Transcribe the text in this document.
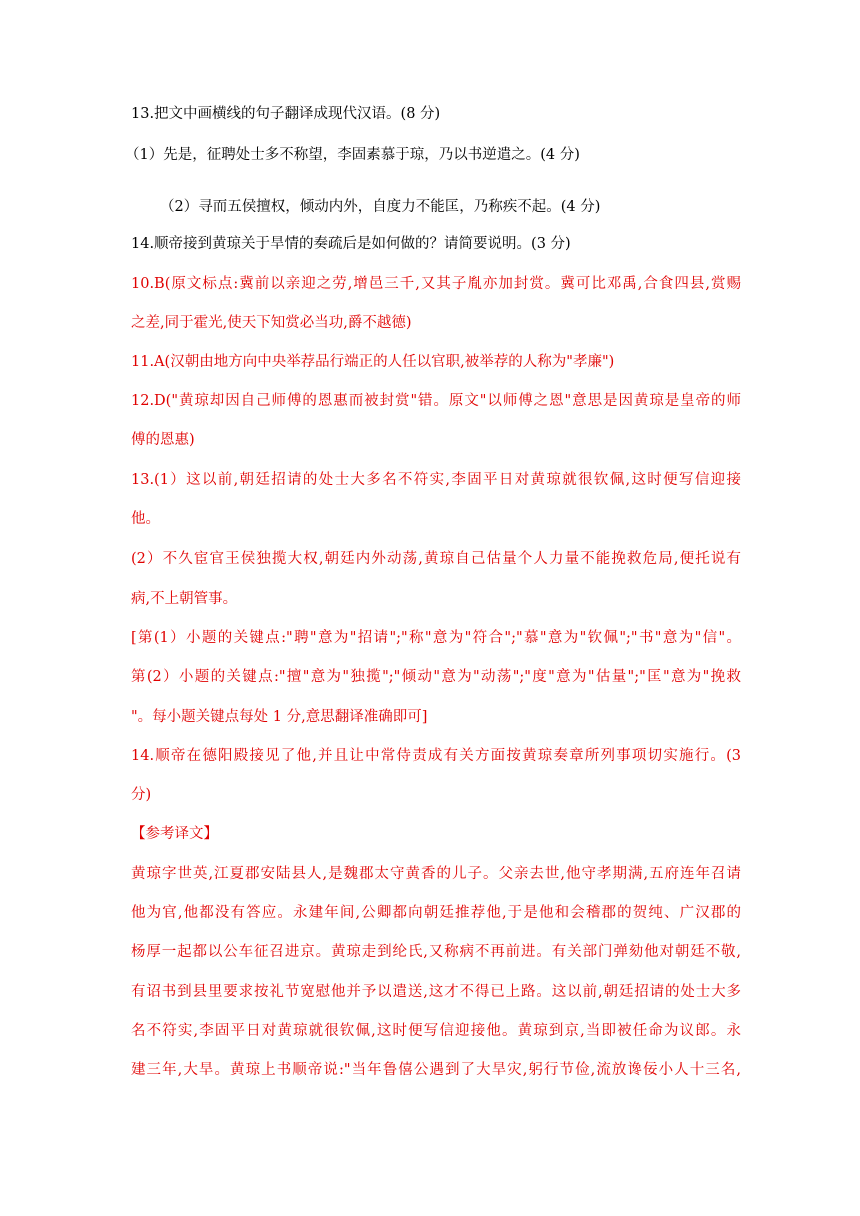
13.把文中画横线的句子翻译成现代汉语。(8 分)
（1）先是，征聘处士多不称望，李固素慕于琼，乃以书逆遣之。(4 分)
（2）寻而五侯擅权，倾动内外，自度力不能匡，乃称疾不起。(4 分)
14.顺帝接到黄琼关于旱情的奏疏后是如何做的？请简要说明。(3 分)
10.B(原文标点:冀前以亲迎之劳,增邑三千,又其子胤亦加封赏。冀可比邓禹,合食四县,赏赐
之差,同于霍光,使天下知赏必当功,爵不越德)
11.A(汉朝由地方向中央举荐品行端正的人任以官职,被举荐的人称为"孝廉")
12.D("黄琼却因自己师傅的恩惠而被封赏"错。原文"以师傅之恩"意思是因黄琼是皇帝的师
傅的恩惠)
13.(1）这以前,朝廷招请的处士大多名不符实,李固平日对黄琼就很钦佩,这时便写信迎接
他。
(2）不久宦官王侯独揽大权,朝廷内外动荡,黄琼自己估量个人力量不能挽救危局,便托说有
病,不上朝管事。
[第(1）小题的关键点:"聘"意为"招请";"称"意为"符合";"慕"意为"钦佩";"书"意为"信"。
第(2）小题的关键点:"擅"意为"独揽";"倾动"意为"动荡";"度"意为"估量";"匡"意为"挽救
"。每小题关键点每处 1 分,意思翻译准确即可]
14.顺帝在德阳殿接见了他,并且让中常侍责成有关方面按黄琼奏章所列事项切实施行。(3
分)
【参考译文】
黄琼字世英,江夏郡安陆县人,是魏郡太守黄香的儿子。父亲去世,他守孝期满,五府连年召请
他为官,他都没有答应。永建年间,公卿都向朝廷推荐他,于是他和会稽郡的贺纯、广汉郡的
杨厚一起都以公车征召进京。黄琼走到纶氏,又称病不再前进。有关部门弹劾他对朝廷不敬,
有诏书到县里要求按礼节宽慰他并予以遣送,这才不得已上路。这以前,朝廷招请的处士大多
名不符实,李固平日对黄琼就很钦佩,这时便写信迎接他。黄琼到京,当即被任命为议郎。永
建三年,大旱。黄琼上书顺帝说:"当年鲁僖公遇到了大旱灾,躬行节俭,流放谗佞小人十三名,
